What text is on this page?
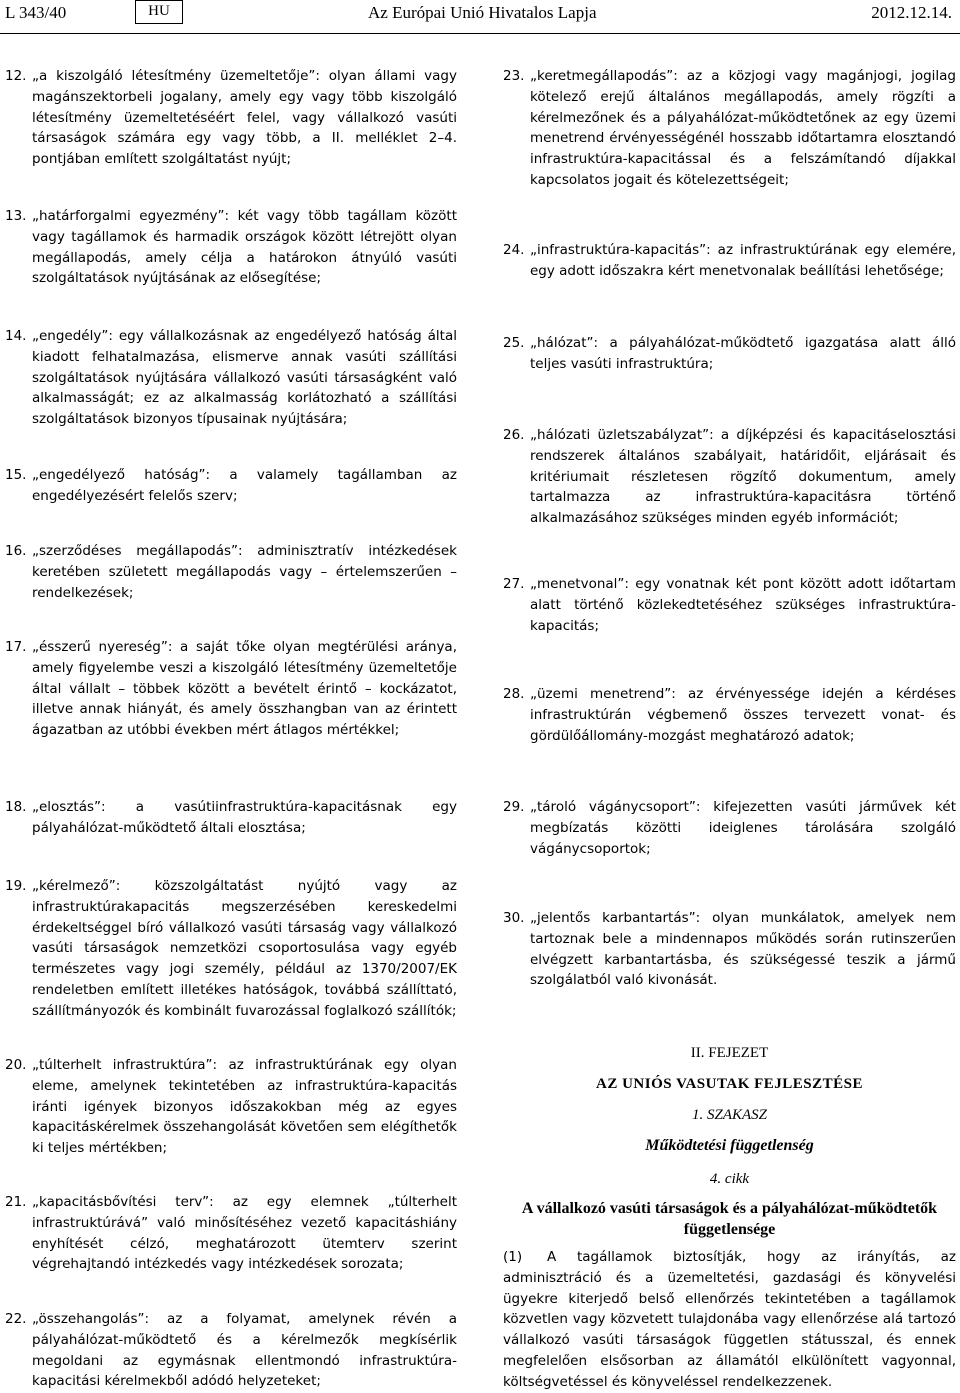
L 343/40	HU	Az Európai Unió Hivatalos Lapja	2012.12.14.
12. „a kiszolgáló létesítmény üzemeltetője”: olyan állami vagy magánszektorbeli jogalany, amely egy vagy több kiszolgáló létesítmény üzemeltetéséért felel, vagy vállalkozó vasúti társaságok számára egy vagy több, a II. melléklet 2–4. pontjában említett szolgáltatást nyújt;
13. „határforgalmi egyezmény”: két vagy több tagállam között vagy tagállamok és harmadik országok között létrejött olyan megállapodás, amely célja a határokon átnyúló vasúti szolgáltatások nyújtásának az elősegítése;
14. „engedély”: egy vállalkozásnak az engedélyező hatóság által kiadott felhatalmazása, elismerve annak vasúti szállítási szolgáltatások nyújtására vállalkozó vasúti társaságként való alkalmasságát; ez az alkalmasság korlátozható a szállítási szolgáltatások bizonyos típusainak nyújtására;
15. „engedélyező hatóság”: a valamely tagállamban az engedélyezésért felelős szerv;
16. „szerződéses megállapodás”: adminisztratív intézkedések keretében született megállapodás vagy – értelemszerűen – rendelkezések;
17. „ésszerű nyereség”: a saját tőke olyan megtérülési aránya, amely figyelembe veszi a kiszolgáló létesítmény üzemeltetője által vállalt – többek között a bevételt érintő – kockázatot, illetve annak hiányát, és amely összhangban van az érintett ágazatban az utóbbi években mért átlagos mértékkel;
18. „elosztás”: a vasútiinfrastruktúra-kapacitásnak egy pályahálózat-működtető általi elosztása;
19. „kérelmező”: közszolgáltatást nyújtó vagy az infrastruktúrakapacitás megszerzésében kereskedelmi érdekeltséggel bíró vállalkozó vasúti társaság vagy vállalkozó vasúti társaságok nemzetközi csoportosulása vagy egyéb természetes vagy jogi személy, például az 1370/2007/EK rendeletben említett illetékes hatóságok, továbbá szállíttató, szállítmányozók és kombinált fuvarozással foglalkozó szállítók;
20. „túlterhelt infrastruktúra”: az infrastruktúrának egy olyan eleme, amelynek tekintetében az infrastruktúra-kapacitás iránti igények bizonyos időszakokban még az egyes kapacitáskérelmek összehangolását követően sem elégíthetők ki teljes mértékben;
21. „kapacitásbővítési terv”: az egy elemnek „túlterhelt infrastruktúrává” való minősítéséhez vezető kapacitáshiány enyhítését célzó, meghatározott ütemterv szerint végrehajtandó intézkedés vagy intézkedések sorozata;
22. „összehangolás”: az a folyamat, amelynek révén a pályahálózat-működtető és a kérelmezők megkísérlik megoldani az egymásnak ellentmondó infrastruktúra-kapacitási kérelmekből adódó helyzeteket;
23. „keretmegállapodás”: az a közjogi vagy magánjogi, jogilag kötelező erejű általános megállapodás, amely rögzíti a kérelmezőnek és a pályahálózat-működtetőnek az egy üzemi menetrend érvényességénél hosszabb időtartamra elosztandó infrastruktúra-kapacitással és a felszámítandó díjakkal kapcsolatos jogait és kötelezettségeit;
24. „infrastruktúra-kapacitás”: az infrastruktúrának egy elemére, egy adott időszakra kért menetvonalak beállítási lehetősége;
25. „hálózat”: a pályahálózat-működtető igazgatása alatt álló teljes vasúti infrastruktúra;
26. „hálózati üzletszabályzat”: a díjképzési és kapacitáselosztási rendszerek általános szabályait, határidőit, eljárásait és kritériumait részletesen rögzítő dokumentum, amely tartalmazza az infrastruktúra-kapacitásra történő alkalmazásához szükséges minden egyéb információt;
27. „menetvonal”: egy vonatnak két pont között adott időtartam alatt történő közlekedtetéséhez szükséges infrastruktúra-kapacitás;
28. „üzemi menetrend”: az érvényessége idején a kérdéses infrastruktúrán végbemenő összes tervezett vonat- és gördülőállomány-mozgást meghatározó adatok;
29. „tároló vágánycsoport”: kifejezetten vasúti járművek két megbízatás közötti ideiglenes tárolására szolgáló vágánycsoportok;
30. „jelentős karbantartás”: olyan munkálatok, amelyek nem tartoznak bele a mindennapos működés során rutinszerűen elvégzett karbantartásba, és szükségessé teszik a jármű szolgálatból való kivonását.
II. FEJEZET
AZ UNIÓS VASUTAK FEJLESZTÉSE
1. SZAKASZ
Működtetési függetlenség
4. cikk
A vállalkozó vasúti társaságok és a pályahálózat-működtetők függetlensége
(1)	A tagállamok biztosítják, hogy az irányítás, az adminisztráció és a üzemeltetési, gazdasági és könyvelési ügyekre kiterjedő belső ellenőrzés tekintetében a tagállamok közvetlen vagy közvetett tulajdonába vagy ellenőrzése alá tartozó vállalkozó vasúti társaságok független státusszal, és ennek megfelelően elsősorban az államától elkülönített vagyonnal, költségvetéssel és könyveléssel rendelkezzenek.
